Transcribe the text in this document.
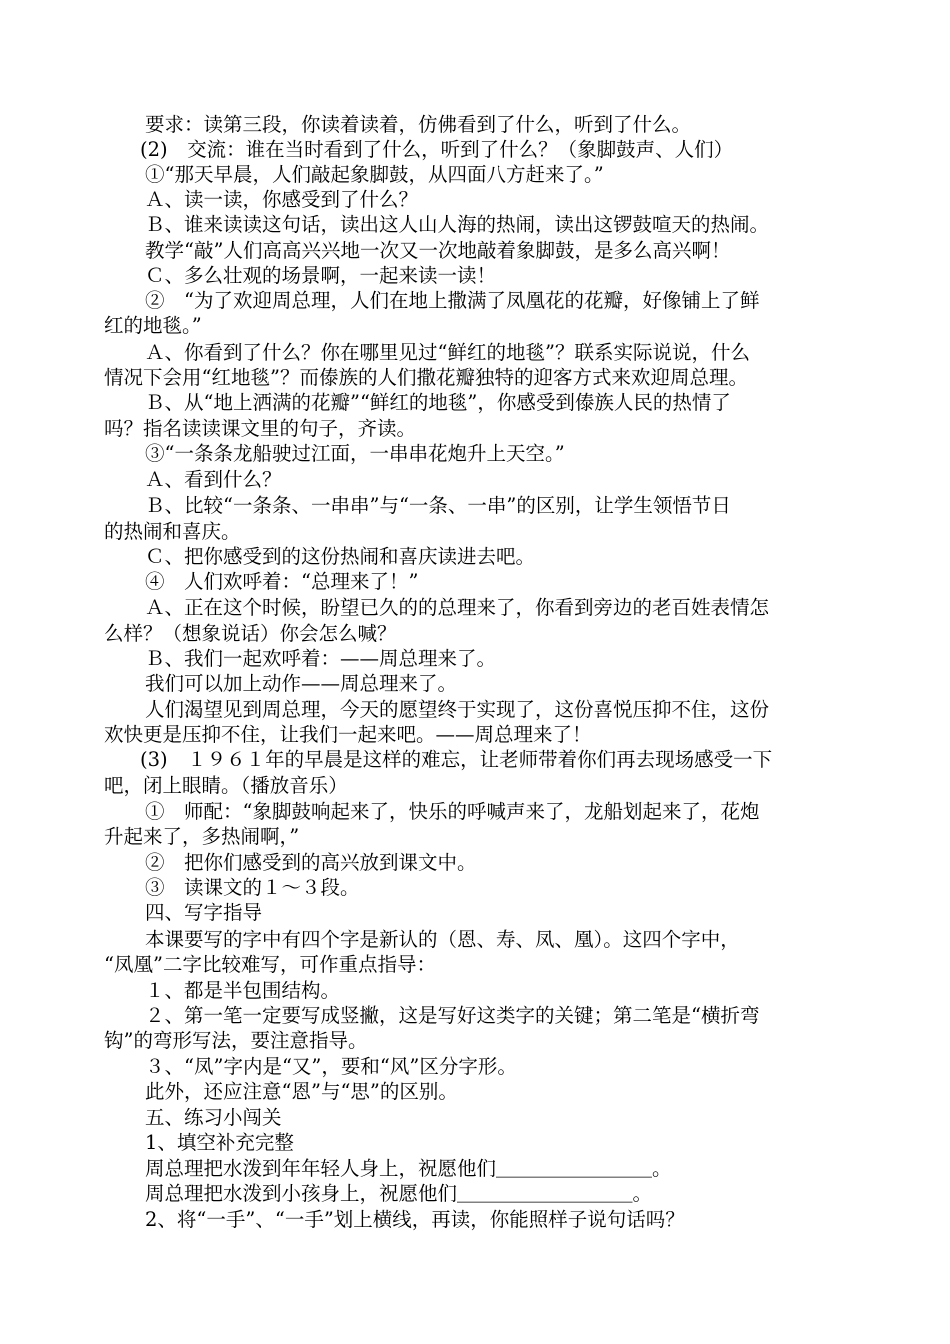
要求：读第三段，你读着读着，仿佛看到了什么，听到了什么。
(2)　交流：谁在当时看到了什么，听到了什么？（象脚鼓声、人们）
①“那天早晨，人们敲起象脚鼓，从四面八方赶来了。”
Ａ、读一读，你感受到了什么？
Ｂ、谁来读读这句话，读出这人山人海的热闹，读出这锣鼓喧天的热闹。
教学“敲”人们高高兴兴地一次又一次地敲着象脚鼓，是多么高兴啊！
Ｃ、多么壮观的场景啊，一起来读一读！
②　“为了欢迎周总理，人们在地上撒满了凤凰花的花瓣，好像铺上了鲜
红的地毯。”
Ａ、你看到了什么？你在哪里见过“鲜红的地毯”？联系实际说说，什么
情况下会用“红地毯”？而傣族的人们撒花瓣独特的迎客方式来欢迎周总理。
Ｂ、从“地上洒满的花瓣”“鲜红的地毯”，你感受到傣族人民的热情了
吗？指名读读课文里的句子，齐读。
③“一条条龙船驶过江面，一串串花炮升上天空。”
Ａ、看到什么？
Ｂ、比较“一条条、一串串”与“一条、一串”的区别，让学生领悟节日
的热闹和喜庆。
Ｃ、把你感受到的这份热闹和喜庆读进去吧。
④　人们欢呼着：“总理来了！”
Ａ、正在这个时候，盼望已久的的总理来了，你看到旁边的老百姓表情怎
么样？（想象说话）你会怎么喊？
Ｂ、我们一起欢呼着：——周总理来了。
我们可以加上动作——周总理来了。
人们渴望见到周总理，今天的愿望终于实现了，这份喜悦压抑不住，这份
欢快更是压抑不住，让我们一起来吧。——周总理来了！
(3)　１９６１年的早晨是这样的难忘，让老师带着你们再去现场感受一下
吧，闭上眼睛。（播放音乐）
①　师配：“象脚鼓响起来了，快乐的呼喊声来了，龙船划起来了，花炮
升起来了，多热闹啊，”
②　把你们感受到的高兴放到课文中。
③　读课文的１～３段。
四、写字指导
本课要写的字中有四个字是新认的（恩、寿、凤、凰）。这四个字中，
“凤凰”二字比较难写，可作重点指导：
１、都是半包围结构。
２、第一笔一定要写成竖撇，这是写好这类字的关键；第二笔是“横折弯
钩”的弯形写法，要注意指导。
３、“凤”字内是“又”，要和“风”区分字形。
此外，还应注意“恩”与“思”的区别。
五、练习小闯关
1、填空补充完整
周总理把水泼到年年轻人身上，祝愿他们＿＿＿＿＿＿＿＿。
周总理把水泼到小孩身上，祝愿他们＿＿＿＿＿＿＿＿＿。
2、将“一手”、“一手”划上横线，再读，你能照样子说句话吗？
